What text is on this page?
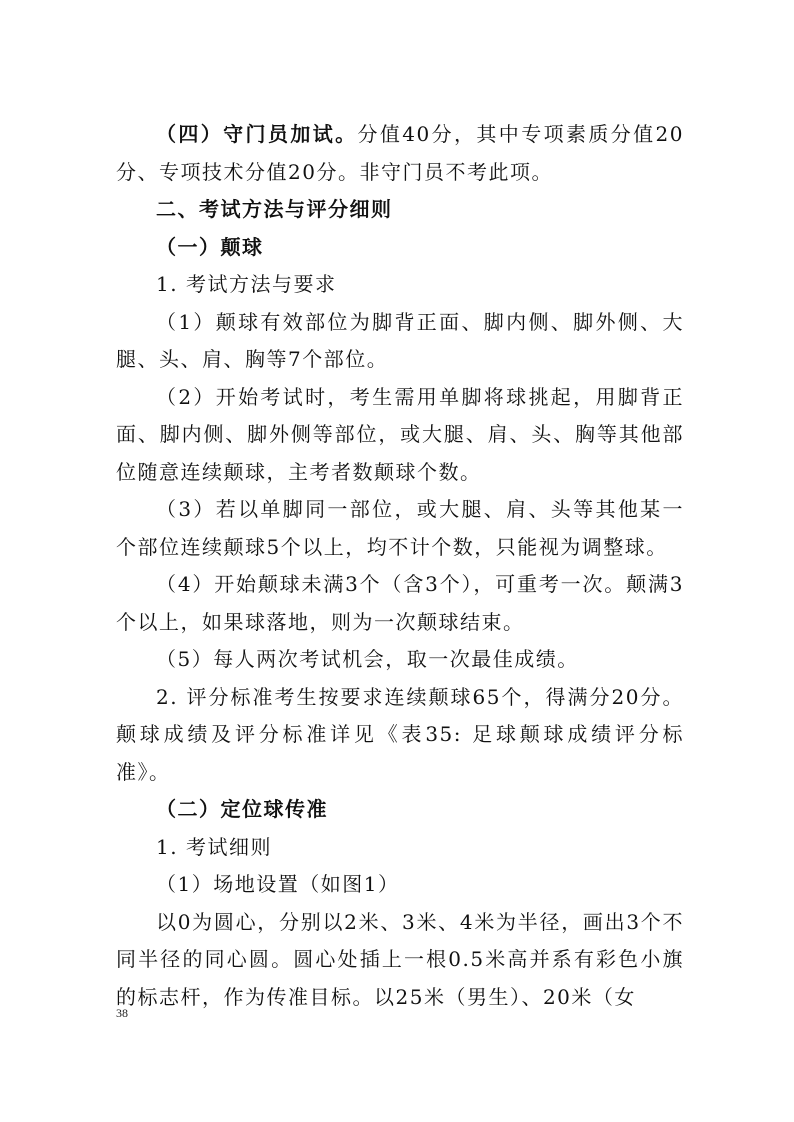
（四）守门员加试。分值40分，其中专项素质分值20分、专项技术分值20分。非守门员不考此项。

二、考试方法与评分细则

（一）颠球

1. 考试方法与要求

（1）颠球有效部位为脚背正面、脚内侧、脚外侧、大腿、头、肩、胸等7个部位。

（2）开始考试时，考生需用单脚将球挑起，用脚背正面、脚内侧、脚外侧等部位，或大腿、肩、头、胸等其他部位随意连续颠球，主考者数颠球个数。

（3）若以单脚同一部位，或大腿、肩、头等其他某一个部位连续颠球5个以上，均不计个数，只能视为调整球。

（4）开始颠球未满3个（含3个），可重考一次。颠满3个以上，如果球落地，则为一次颠球结束。

（5）每人两次考试机会，取一次最佳成绩。

2. 评分标准考生按要求连续颠球65个，得满分20分。颠球成绩及评分标准详见《表35: 足球颠球成绩评分标准》。

（二）定位球传准

1. 考试细则

（1）场地设置（如图1）

以0为圆心，分别以2米、3米、4米为半径，画出3个不同半径的同心圆。圆心处插上一根0.5米高并系有彩色小旗的标志杆，作为传准目标。以25米（男生）、20米（女

38
